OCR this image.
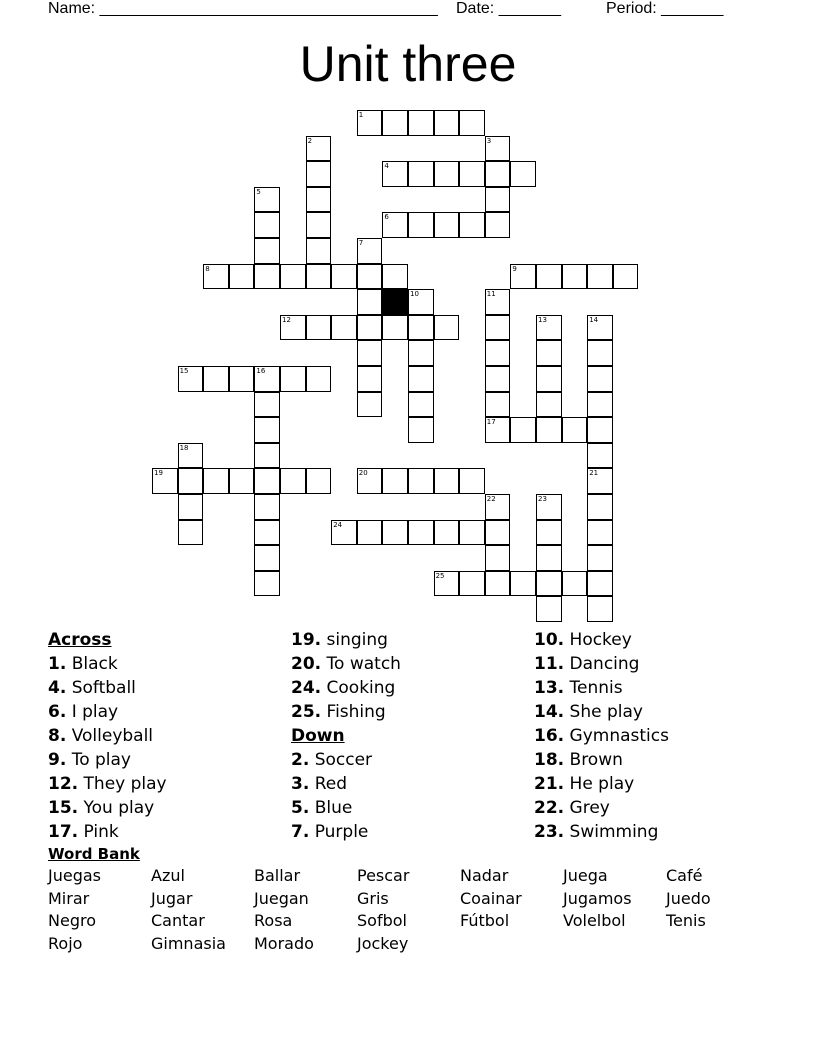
Name: ______________________________________ Date: _______	Period: _______
Unit three
1
2	3
4
5
6
7
8	9
10	11
17
12	13	14
15	16
18
19	20	21
22	23
24
25
Across
1. Black
4. Softball
6. I play
8. Volleyball
9. To play
12. They play
15. You play
17. Pink
19. singing
20. To watch
24. Cooking
25. Fishing
Down
2. Soccer
3. Red
5. Blue
7. Purple
10. Hockey
11. Dancing
13. Tennis
14. She play
16. Gymnastics
18. Brown
21. He play
22. Grey
23. Swimming
Word Bank
Juegas	Azul	Ballar	Pescar	Nadar	Juega	Café
Mirar	Jugar	Juegan	Gris	Coainar	Jugamos Juedo
Negro	Cantar	Rosa	Sofbol	Fútbol	Volelbol	Tenis
Rojo	Gimnasia Morado	Jockey
